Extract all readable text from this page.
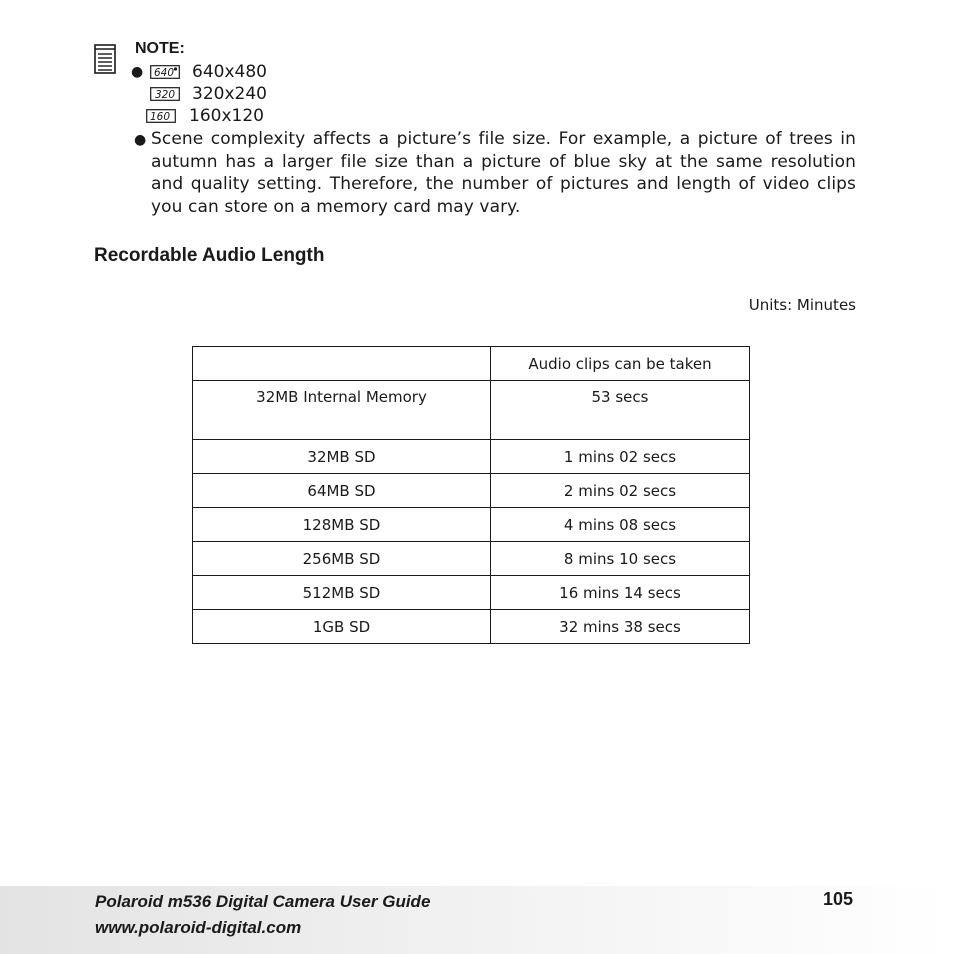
NOTE:
● 640 640x480
320 320x240
160 160x120
● Scene complexity affects a picture’s file size. For example, a picture of trees in autumn has a larger file size than a picture of blue sky at the same resolution and quality setting. Therefore, the number of pictures and length of video clips you can store on a memory card may vary.
Recordable Audio Length
Units: Minutes
	Audio clips can be taken
32MB Internal Memory	53 secs
32MB SD	1 mins 02 secs
64MB SD	2 mins 02 secs
128MB SD	4 mins 08 secs
256MB SD	8 mins 10 secs
512MB SD	16 mins 14 secs
1GB SD	32 mins 38 secs
Polaroid m536 Digital Camera User Guide
www.polaroid-digital.com
105
